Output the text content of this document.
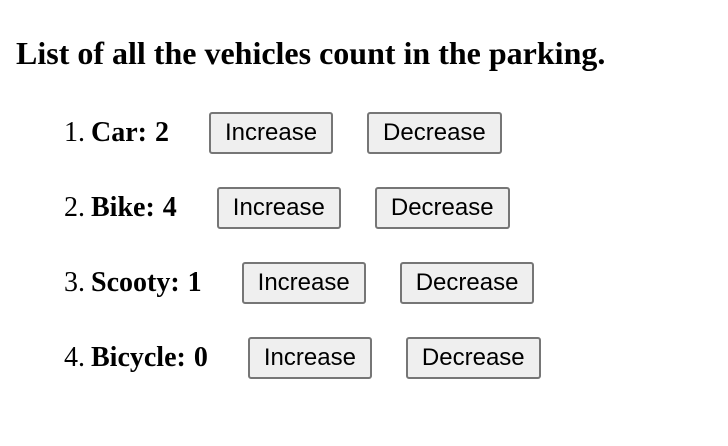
List of all the vehicles count in the parking.
1. Car : 2	Increase	Decrease
2. Bike : 4	Increase	Decrease
3. Scooty : 1	Increase	Decrease
4. Bicycle : 0	Increase	Decrease
